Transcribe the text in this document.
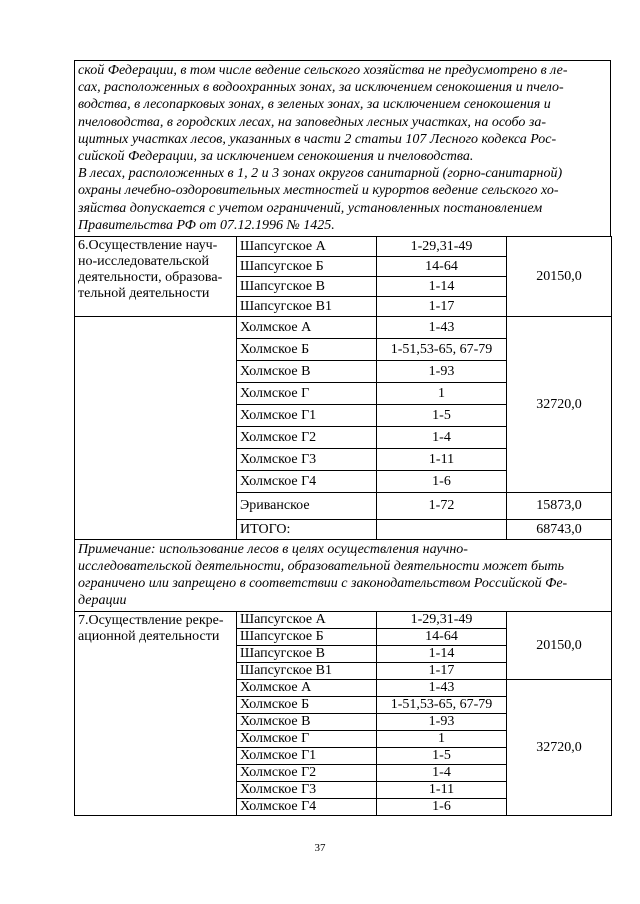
ской Федерации, в том числе ведение сельского хозяйства не предусмотрено в ле-
сах, расположенных в водоохранных зонах, за исключением сенокошения и пчело-
водства, в лесопарковых зонах, в зеленых зонах, за исключением сенокошения и
пчеловодства, в городских лесах, на заповедных лесных участках, на особо за-
щитных участках лесов, указанных в части 2 статьи 107 Лесного кодекса Рос-
сийской Федерации, за исключением сенокошения и пчеловодства.
В лесах, расположенных в 1, 2 и 3 зонах округов санитарной (горно-санитарной)
охраны лечебно-оздоровительных местностей и курортов ведение сельского хо-
зяйства допускается с учетом ограничений, установленных постановлением
Правительства РФ от 07.12.1996 № 1425.
6.Осуществление науч-
но-исследовательской
деятельности, образова-
тельной деятельности	Шапсугское А	1-29,31-49	20150,0
	Шапсугское Б	14-64	
	Шапсугское В	1-14	
	Шапсугское В1	1-17	
	Холмское А	1-43	32720,0
	Холмское Б	1-51,53-65, 67-79	
	Холмское В	1-93	
	Холмское Г	1	
	Холмское Г1	1-5	
	Холмское Г2	1-4	
	Холмское Г3	1-11	
	Холмское Г4	1-6	
	Эриванское	1-72	15873,0
	ИТОГО:		68743,0

Примечание: использование лесов в целях осуществления научно-
исследовательской деятельности, образовательной деятельности может быть
ограничено или запрещено в соответствии с законодательством Российской Фе-
дерации			

7.Осуществление рекре-
ационной деятельности	Шапсугское А	1-29,31-49	20150,0
	Шапсугское Б	14-64	
	Шапсугское В	1-14	
	Шапсугское В1	1-17	
	Холмское А	1-43	32720,0
	Холмское Б	1-51,53-65, 67-79	
	Холмское В	1-93	
	Холмское Г	1	
	Холмское Г1	1-5	
	Холмское Г2	1-4	
	Холмское Г3	1-11	
	Холмское Г4	1-6	
37
